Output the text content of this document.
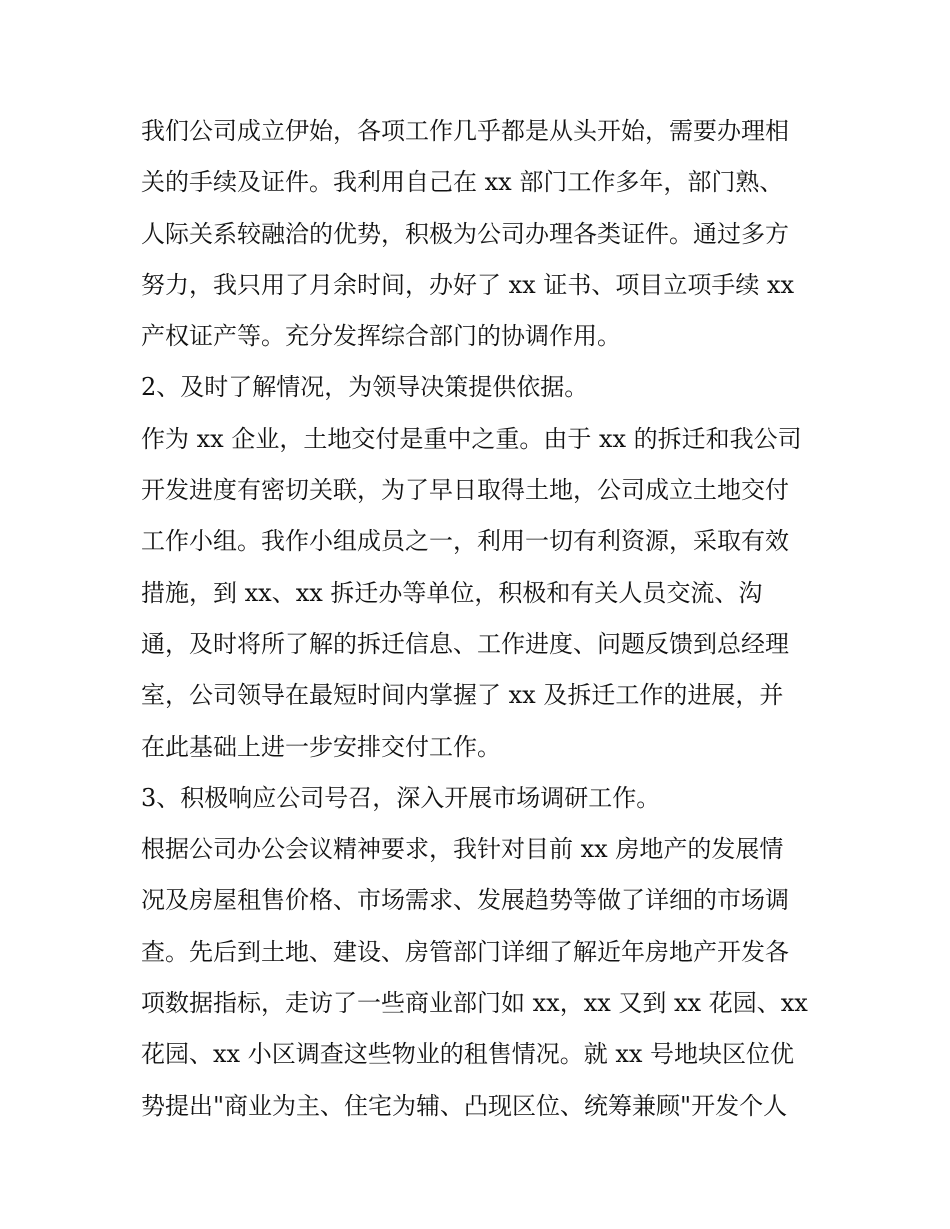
我们公司成立伊始，各项工作几乎都是从头开始，需要办理相
关的手续及证件。我利用自己在 xx 部门工作多年，部门熟、
人际关系较融洽的优势，积极为公司办理各类证件。通过多方
努力，我只用了月余时间，办好了 xx 证书、项目立项手续 xx
产权证产等。充分发挥综合部门的协调作用。
2、及时了解情况，为领导决策提供依据。
作为 xx 企业，土地交付是重中之重。由于 xx 的拆迁和我公司
开发进度有密切关联，为了早日取得土地，公司成立土地交付
工作小组。我作小组成员之一，利用一切有利资源，采取有效
措施，到 xx、xx 拆迁办等单位，积极和有关人员交流、沟
通，及时将所了解的拆迁信息、工作进度、问题反馈到总经理
室，公司领导在最短时间内掌握了 xx 及拆迁工作的进展，并
在此基础上进一步安排交付工作。
3、积极响应公司号召，深入开展市场调研工作。
根据公司办公会议精神要求，我针对目前 xx 房地产的发展情
况及房屋租售价格、市场需求、发展趋势等做了详细的市场调
查。先后到土地、建设、房管部门详细了解近年房地产开发各
项数据指标，走访了一些商业部门如 xx，xx 又到 xx 花园、xx
花园、xx 小区调查这些物业的租售情况。就 xx 号地块区位优
势提出"商业为主、住宅为辅、凸现区位、统筹兼顾"开发个人
